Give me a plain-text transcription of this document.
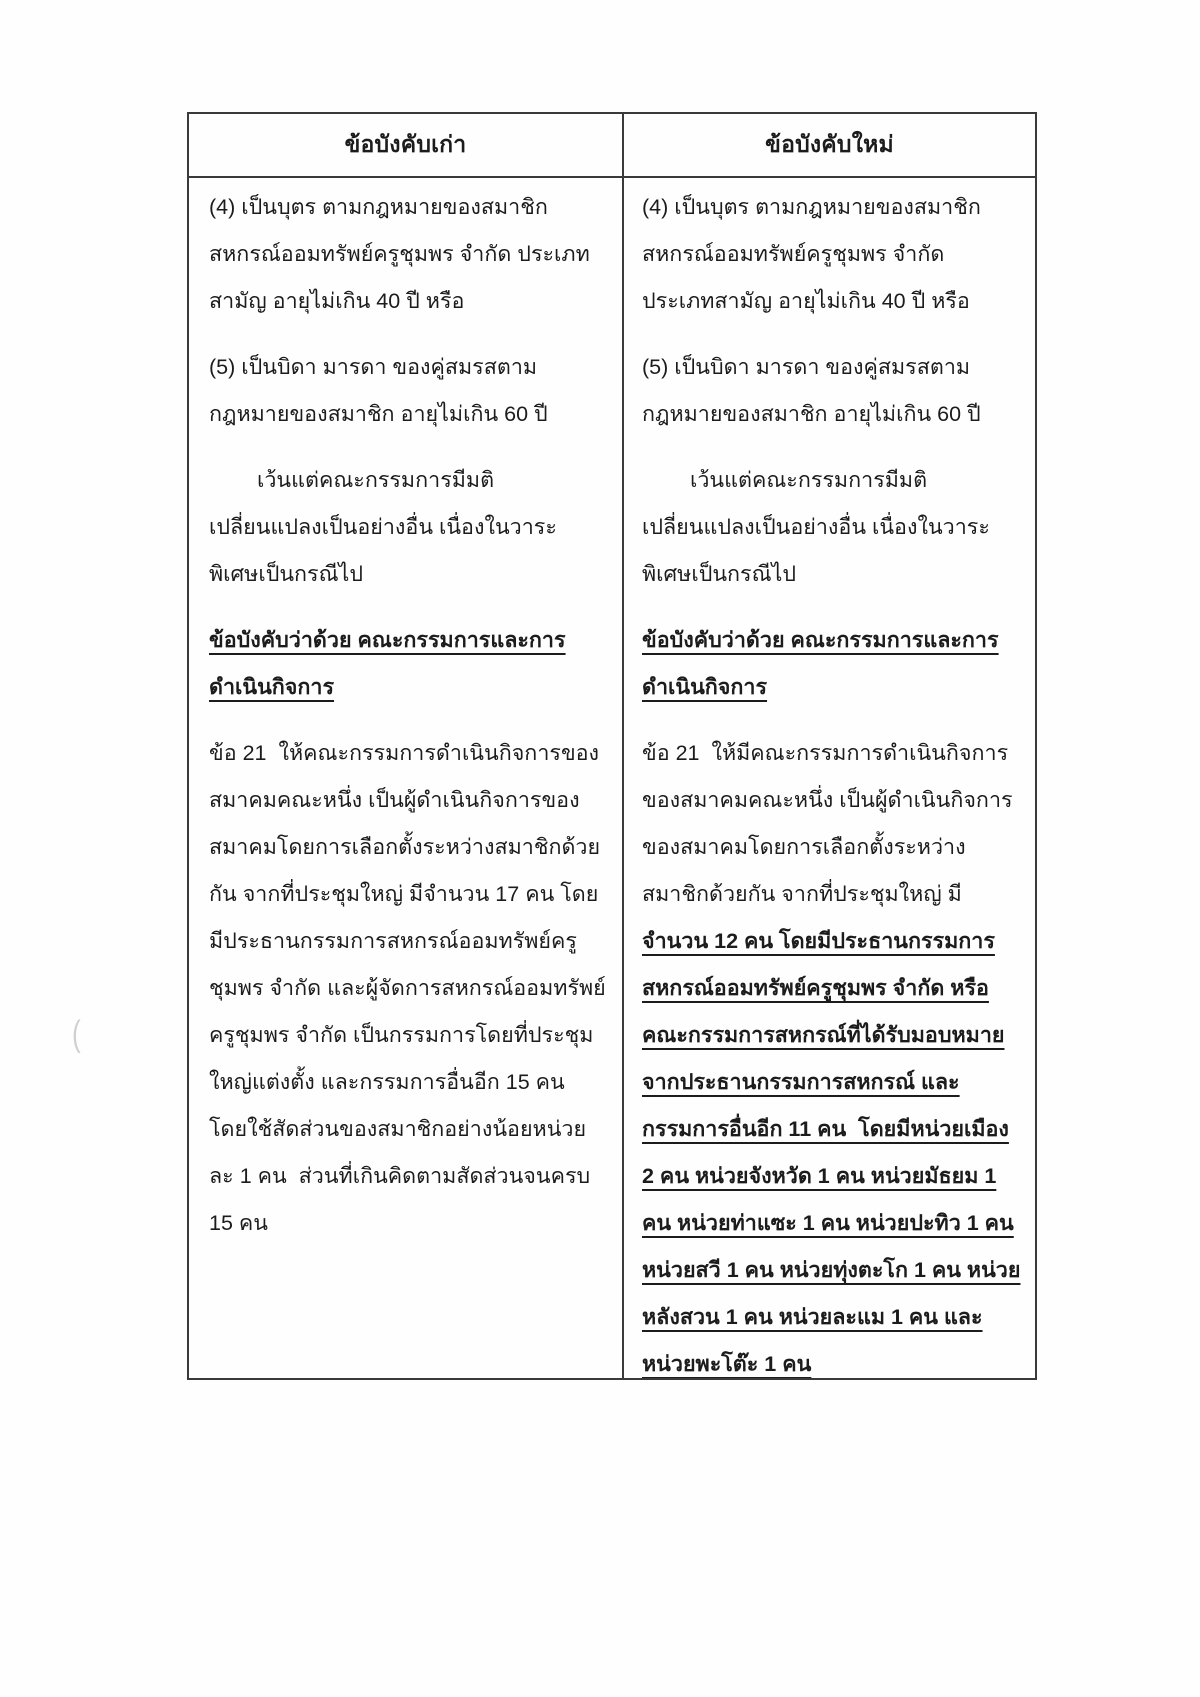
(
ข้อบังคับเก่า	ข้อบังคับใหม่

(4) เป็นบุตร ตามกฎหมายของสมาชิก​สหกรณ์​ออมทรัพย์​ครูชุมพร จำกัด ประเภท​สามัญ อายุไม่เกิน 40 ปี หรือ

(5) เป็นบิดา มารดา ของคู่สมรส​ตามกฎหมาย​ของสมาชิก อายุไม่เกิน 60 ปี

เว้นแต่​คณะกรรมการ​มีมติ​เปลี่ยนแปลง​เป็นอย่างอื่น เนื่องใน​วาระพิเศษ​เป็น​กรณีไป

ข้อบังคับว่าด้วย คณะกรรมการ​และการ​ดำเนินกิจการ

ข้อ 21  ให้คณะกรรมการ​ดำเนินกิจการ​ของ​สมาคม​คณะหนึ่ง เป็นผู้​ดำเนินกิจการ​ของ​สมาคม​โดยการ​เลือกตั้ง​ระหว่าง​สมาชิก​ด้วยกัน จากที่​ประชุมใหญ่ มีจำนวน 17 คน โดยมี​ประธานกรรมการ​สหกรณ์​ออมทรัพย์​ครูชุมพร จำกัด และ​ผู้จัดการ​สหกรณ์​ออมทรัพย์​ครูชุมพร จำกัด เป็นกรรมการ​โดยที่​ประชุมใหญ่​แต่งตั้ง และ​กรรมการ​อื่นอีก 15 คน  โดยใช้​สัดส่วน​ของ​สมาชิก​อย่างน้อย​หน่วยละ 1 คน  ส่วนที่เกิน​คิด​ตาม​สัดส่วน​จนครบ 15 คน

(4) เป็นบุตร ตามกฎหมายของสมาชิก​สหกรณ์​ออมทรัพย์​ครูชุมพร จำกัด ประเภท​สามัญ อายุไม่เกิน 40 ปี หรือ

(5) เป็นบิดา มารดา ของคู่สมรส​ตามกฎหมาย​ของสมาชิก อายุไม่เกิน 60 ปี

เว้นแต่​คณะกรรมการ​มีมติ​เปลี่ยนแปลง​เป็นอย่างอื่น เนื่องใน​วาระพิเศษ​เป็น​กรณีไป

ข้อบังคับว่าด้วย คณะกรรมการ​และการ​ดำเนินกิจการ

ข้อ 21  ให้มี​คณะกรรมการ​ดำเนินกิจการ​ของ​สมาคม​คณะหนึ่ง เป็นผู้​ดำเนินกิจการ​ของ​สมาคม​โดยการ​เลือกตั้ง​ระหว่าง​สมาชิก​ด้วยกัน จากที่​ประชุมใหญ่ มีจำนวน 12 คน โดยมี​ประธานกรรมการ​สหกรณ์​ออมทรัพย์​ครูชุมพร จำกัด หรือ​คณะกรรมการ​สหกรณ์​ที่ได้รับ​มอบหมาย​จาก​ประธานกรรมการ​สหกรณ์ และ​กรรมการ​อื่นอีก 11 คน  โดยมี​หน่วย​เมือง 2 คน หน่วย​จังหวัด 1 คน หน่วย​มัธยม 1 คน หน่วย​ท่าแซะ 1 คน หน่วย​ปะทิว 1 คน หน่วย​สวี 1 คน หน่วย​ทุ่งตะโก 1 คน หน่วย​หลังสวน 1 คน หน่วย​ละแม 1 คน และ​หน่วย​พะโต๊ะ 1 คน
